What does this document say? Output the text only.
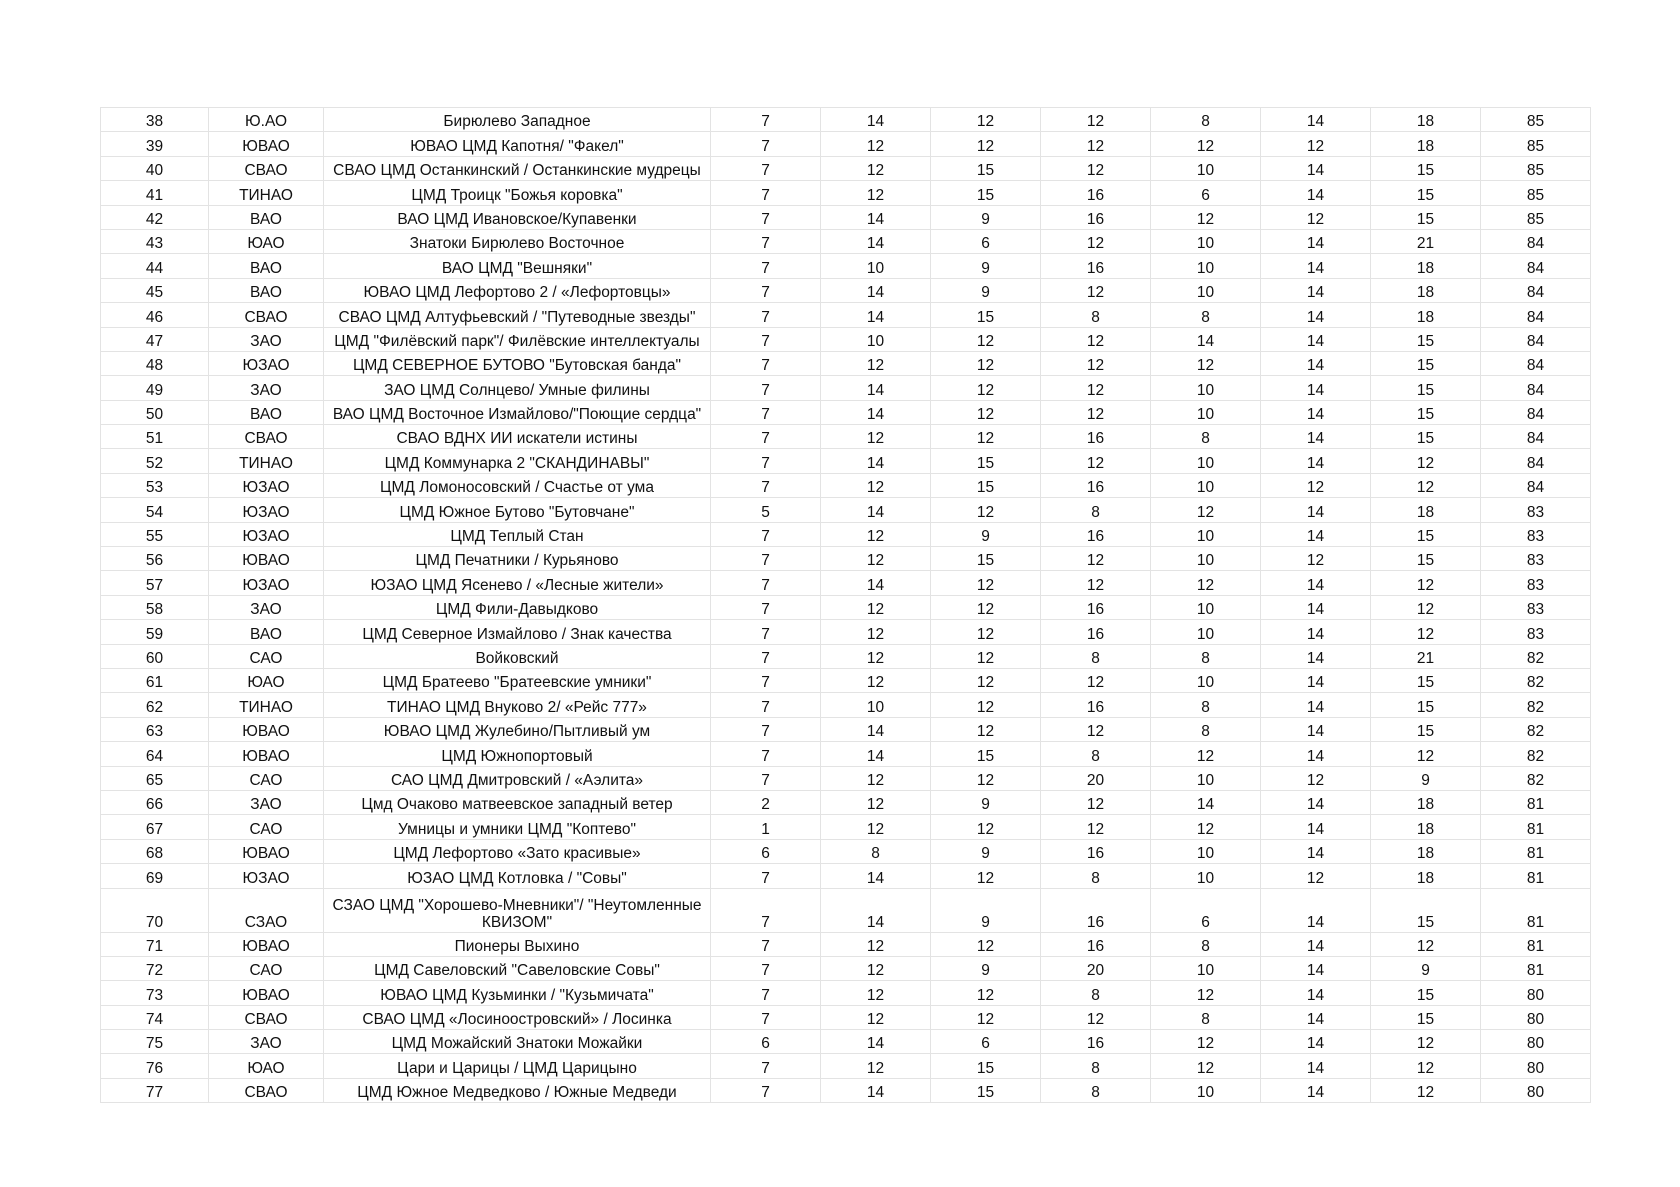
38	Ю.АО	Бирюлево Западное	7	14	12	12	8	14	18	85
39	ЮВАО	ЮВАО ЦМД Капотня/ "Факел"	7	12	12	12	12	12	18	85
40	СВАО	СВАО ЦМД Останкинский / Останкинские мудрецы	7	12	15	12	10	14	15	85
41	ТИНАО	ЦМД Троицк "Божья коровка"	7	12	15	16	6	14	15	85
42	ВАО	ВАО ЦМД Ивановское/Купавенки	7	14	9	16	12	12	15	85
43	ЮАО	Знатоки Бирюлево Восточное	7	14	6	12	10	14	21	84
44	ВАО	ВАО ЦМД "Вешняки"	7	10	9	16	10	14	18	84
45	ВАО	ЮВАО ЦМД Лефортово 2 / «Лефортовцы»	7	14	9	12	10	14	18	84
46	СВАО	СВАО ЦМД Алтуфьевский / "Путеводные звезды"	7	14	15	8	8	14	18	84
47	ЗАО	ЦМД "Филёвский парк"/ Филёвские интеллектуалы	7	10	12	12	14	14	15	84
48	ЮЗАО	ЦМД СЕВЕРНОЕ БУТОВО "Бутовская банда"	7	12	12	12	12	14	15	84
49	ЗАО	ЗАО ЦМД Солнцево/ Умные филины	7	14	12	12	10	14	15	84
50	ВАО	ВАО ЦМД Восточное Измайлово/"Поющие сердца"	7	14	12	12	10	14	15	84
51	СВАО	СВАО ВДНХ ИИ искатели истины	7	12	12	16	8	14	15	84
52	ТИНАО	ЦМД Коммунарка 2 "СКАНДИНАВЫ"	7	14	15	12	10	14	12	84
53	ЮЗАО	ЦМД Ломоносовский / Счастье от ума	7	12	15	16	10	12	12	84
54	ЮЗАО	ЦМД Южное Бутово "Бутовчане"	5	14	12	8	12	14	18	83
55	ЮЗАО	ЦМД Теплый Стан	7	12	9	16	10	14	15	83
56	ЮВАО	ЦМД Печатники / Курьяново	7	12	15	12	10	12	15	83
57	ЮЗАО	ЮЗАО ЦМД Ясенево / «Лесные жители»	7	14	12	12	12	14	12	83
58	ЗАО	ЦМД Фили-Давыдково	7	12	12	16	10	14	12	83
59	ВАО	ЦМД Северное Измайлово / Знак качества	7	12	12	16	10	14	12	83
60	САО	Войковский	7	12	12	8	8	14	21	82
61	ЮАО	ЦМД Братеево "Братеевские умники"	7	12	12	12	10	14	15	82
62	ТИНАО	ТИНАО ЦМД Внуково 2/ «Рейс 777»	7	10	12	16	8	14	15	82
63	ЮВАО	ЮВАО ЦМД Жулебино/Пытливый ум	7	14	12	12	8	14	15	82
64	ЮВАО	ЦМД Южнопортовый	7	14	15	8	12	14	12	82
65	САО	САО ЦМД Дмитровский / «Аэлита»	7	12	12	20	10	12	9	82
66	ЗАО	Цмд Очаково матвеевское западный ветер	2	12	9	12	14	14	18	81
67	САО	Умницы и умники ЦМД "Коптево"	1	12	12	12	12	14	18	81
68	ЮВАО	ЦМД Лефортово «Зато красивые»	6	8	9	16	10	14	18	81
69	ЮЗАО	ЮЗАО ЦМД Котловка / "Совы"	7	14	12	8	10	12	18	81
70	СЗАО	СЗАО ЦМД "Хорошево-Мневники"/ "Неутомленные КВИЗОМ"	7	14	9	16	6	14	15	81
71	ЮВАО	Пионеры Выхино	7	12	12	16	8	14	12	81
72	САО	ЦМД Савеловский "Савеловские Совы"	7	12	9	20	10	14	9	81
73	ЮВАО	ЮВАО ЦМД Кузьминки / "Кузьмичата"	7	12	12	8	12	14	15	80
74	СВАО	СВАО ЦМД «Лосиноостровский» / Лосинка	7	12	12	12	8	14	15	80
75	ЗАО	ЦМД Можайский Знатоки Можайки	6	14	6	16	12	14	12	80
76	ЮАО	Цари и Царицы / ЦМД Царицыно	7	12	15	8	12	14	12	80
77	СВАО	ЦМД Южное Медведково / Южные Медведи	7	14	15	8	10	14	12	80
